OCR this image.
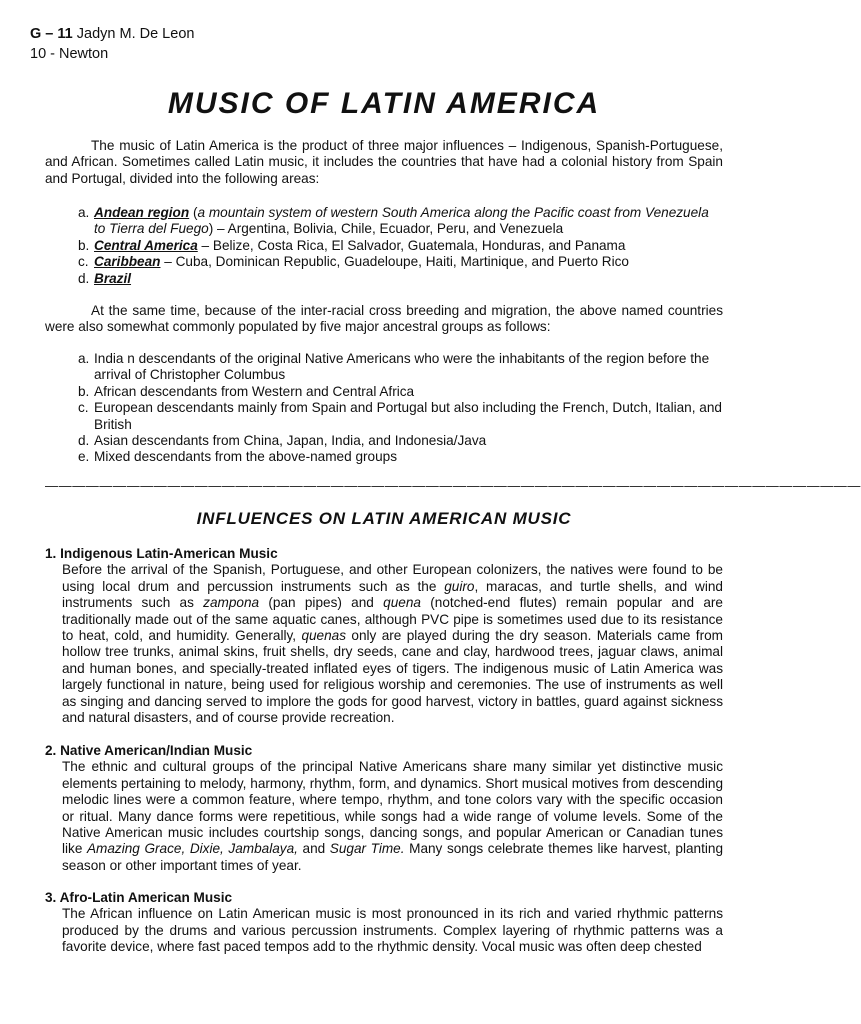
G – 11 Jadyn M. De Leon
10 - Newton
MUSIC OF LATIN AMERICA
The music of Latin America is the product of three major influences – Indigenous, Spanish-Portuguese, and African. Sometimes called Latin music, it includes the countries that have had a colonial history from Spain and Portugal, divided into the following areas:
a. Andean region (a mountain system of western South America along the Pacific coast from Venezuela to Tierra del Fuego) – Argentina, Bolivia, Chile, Ecuador, Peru, and Venezuela
b. Central America – Belize, Costa Rica, El Salvador, Guatemala, Honduras, and Panama
c. Caribbean – Cuba, Dominican Republic, Guadeloupe, Haiti, Martinique, and Puerto Rico
d. Brazil
At the same time, because of the inter-racial cross breeding and migration, the above named countries were also somewhat commonly populated by five major ancestral groups as follows:
a. India n descendants of the original Native Americans who were the inhabitants of the region before the arrival of Christopher Columbus
b. African descendants from Western and Central Africa
c. European descendants mainly from Spain and Portugal but also including the French, Dutch, Italian, and British
d. Asian descendants from China, Japan, India, and Indonesia/Java
e. Mixed descendants from the above-named groups
————————————————————————————————————————————————————————————
INFLUENCES ON LATIN AMERICAN MUSIC
1. Indigenous Latin-American Music

Before the arrival of the Spanish, Portuguese, and other European colonizers, the natives were found to be using local drum and percussion instruments such as the guiro, maracas, and turtle shells, and wind instruments such as zampona (pan pipes) and quena (notched-end flutes) remain popular and are traditionally made out of the same aquatic canes, although PVC pipe is sometimes used due to its resistance to heat, cold, and humidity. Generally, quenas only are played during the dry season. Materials came from hollow tree trunks, animal skins, fruit shells, dry seeds, cane and clay, hardwood trees, jaguar claws, animal and human bones, and specially-treated inflated eyes of tigers. The indigenous music of Latin America was largely functional in nature, being used for religious worship and ceremonies. The use of instruments as well as singing and dancing served to implore the gods for good harvest, victory in battles, guard against sickness and natural disasters, and of course provide recreation.

2. Native American/Indian Music

The ethnic and cultural groups of the principal Native Americans share many similar yet distinctive music elements pertaining to melody, harmony, rhythm, form, and dynamics. Short musical motives from descending melodic lines were a common feature, where tempo, rhythm, and tone colors vary with the specific occasion or ritual. Many dance forms were repetitious, while songs had a wide range of volume levels. Some of the Native American music includes courtship songs, dancing songs, and popular American or Canadian tunes like Amazing Grace, Dixie, Jambalaya, and Sugar Time. Many songs celebrate themes like harvest, planting season or other important times of year.

3. Afro-Latin American Music

The African influence on Latin American music is most pronounced in its rich and varied rhythmic patterns produced by the drums and various percussion instruments. Complex layering of rhythmic patterns was a favorite device, where fast paced tempos add to the rhythmic density. Vocal music was often deep chested
